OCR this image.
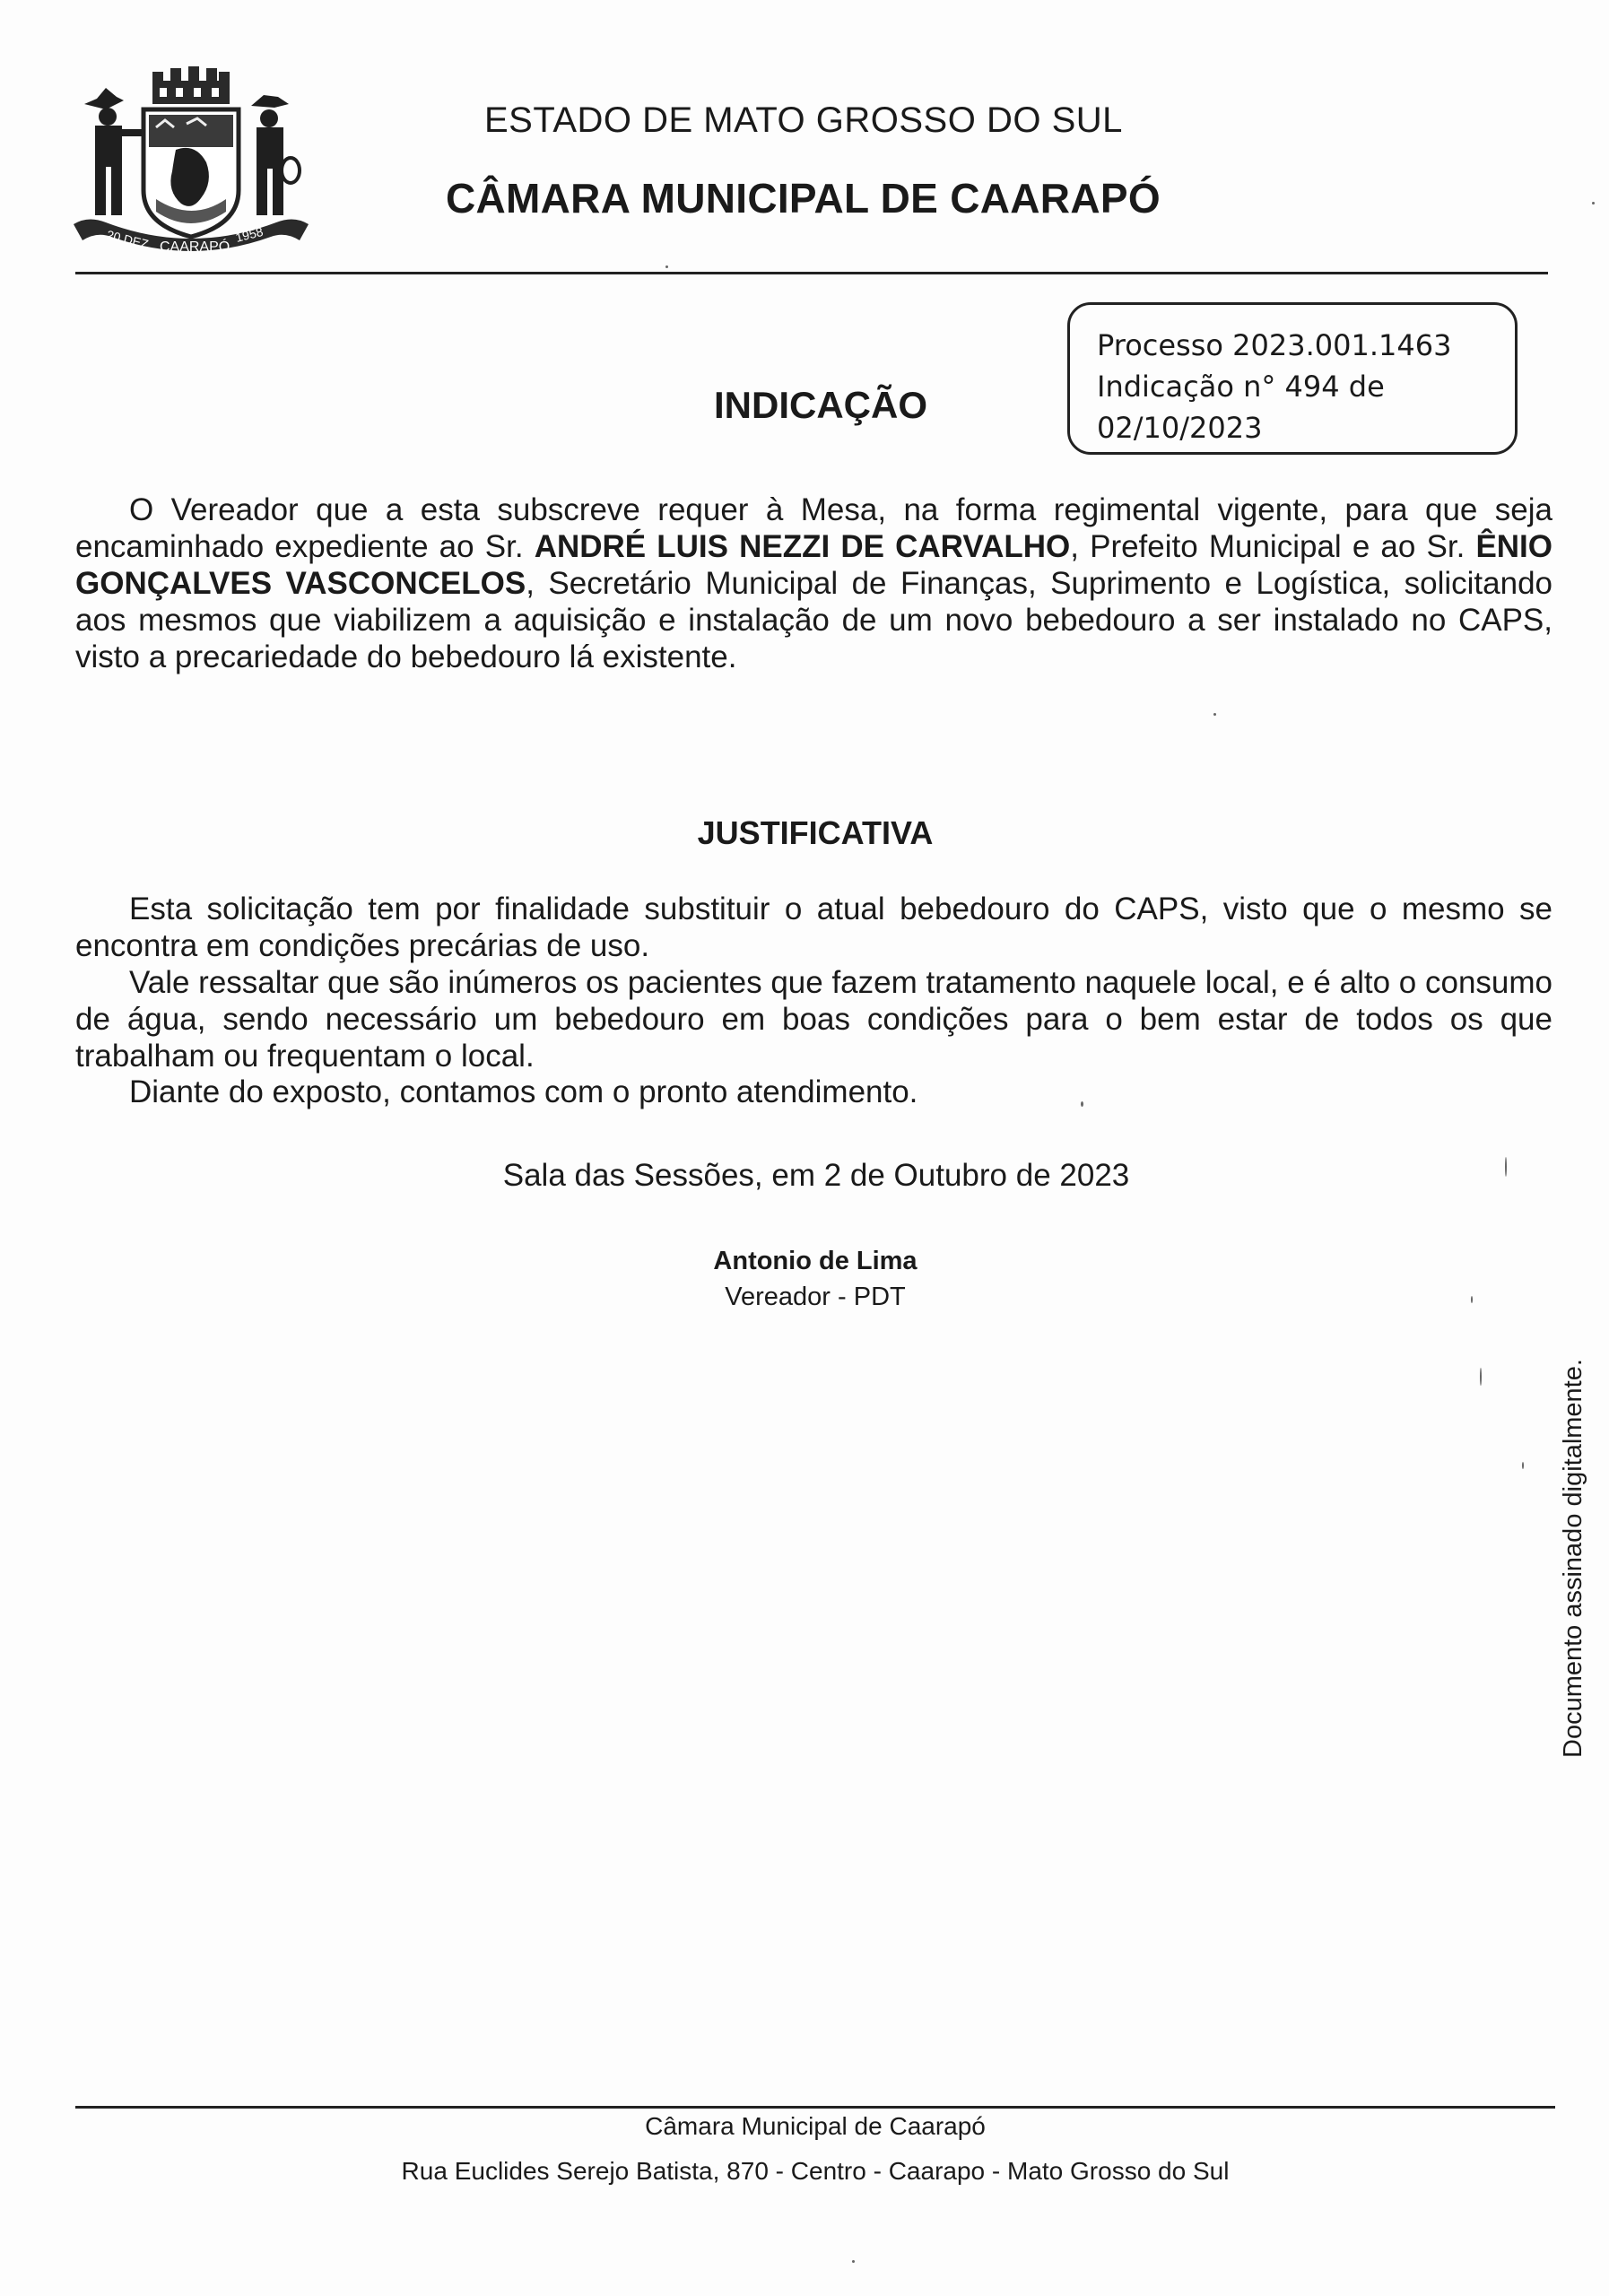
20 DEZ CAARAPÓ
1958
ESTADO DE MATO GROSSO DO SUL
CÂMARA MUNICIPAL DE CAARAPÓ
Processo 2023.001.1463
Indicação n° 494 de
02/10/2023
INDICAÇÃO
O Vereador que a esta subscreve requer à Mesa, na forma regimental vigente, para que seja encaminhado expediente ao Sr. ANDRÉ LUIS NEZZI DE CARVALHO, Prefeito Municipal e ao Sr. ÊNIO GONÇALVES VASCONCELOS, Secretário Municipal de Finanças, Suprimento e Logística, solicitando aos mesmos que viabilizem a aquisição e instalação de um novo bebedouro a ser instalado no CAPS, visto a precariedade do bebedouro lá existente.
JUSTIFICATIVA
Esta solicitação tem por finalidade substituir o atual bebedouro do CAPS, visto que o mesmo se encontra em condições precárias de uso.
Vale ressaltar que são inúmeros os pacientes que fazem tratamento naquele local, e é alto o consumo de água, sendo necessário um bebedouro em boas condições para o bem estar de todos os que trabalham ou frequentam o local.
Diante do exposto, contamos com o pronto atendimento.
Sala das Sessões, em 2 de Outubro de 2023
Antonio de Lima
Vereador - PDT
Documento assinado digitalmente.
Câmara Municipal de Caarapó
Rua Euclides Serejo Batista, 870 - Centro - Caarapo - Mato Grosso do Sul
